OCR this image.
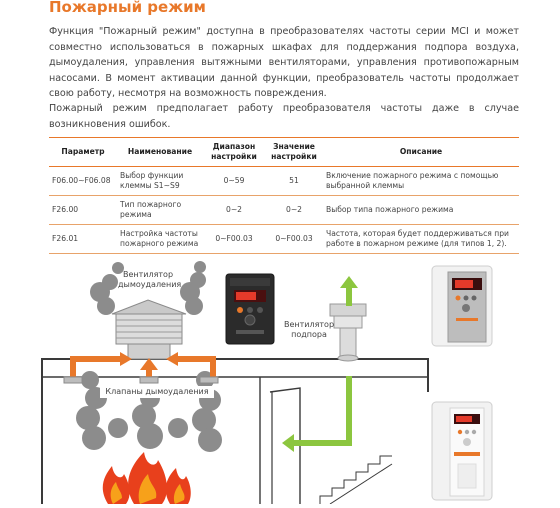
Пожарный режим
Функция "Пожарный режим" доступна в преобразователях частоты серии MCI и может совместно использоваться в пожарных шкафах для поддержания подпора воздуха, дымоудаления, управления вытяжными вентиляторами, управления противопожарным насосами. В момент активации данной функции, преобразователь частоты продолжает свою работу, несмотря на возможность повреждения.
Пожарный режим предполагает работу преобразователя частоты даже в случае возникновения ошибок.
Параметр	Наименование	Диапазон настройки	Значение настройки	Описание
F06.00~F06.08	Выбор функции клеммы S1~S9	0~59	51	Включение пожарного режима с помощью выбранной клеммы
F26.00	Тип пожарного режима	0~2	0~2	Выбор типа пожарного режима
F26.01	Настройка частоты пожарного режима	0~F00.03	0~F00.03	Частота, которая будет поддерживаться при работе в пожарном режиме (для типов 1, 2).
Вентилятор дымоудаления
Вентилятор подпора
Клапаны дымоудаления
